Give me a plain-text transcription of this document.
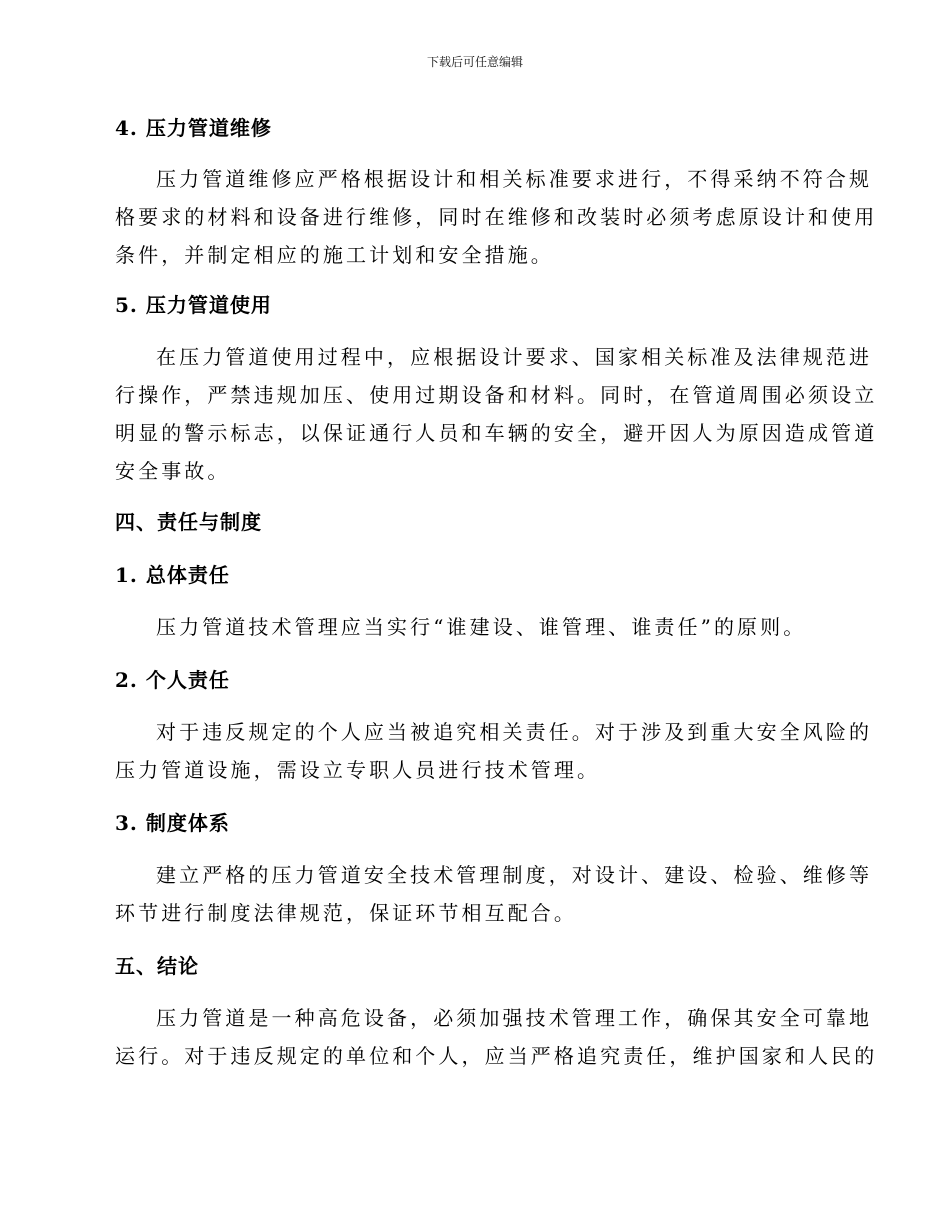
下载后可任意编辑
4. 压力管道维修
压力管道维修应严格根据设计和相关标准要求进行，不得采纳不符合规
格要求的材料和设备进行维修，同时在维修和改装时必须考虑原设计和使用
条件，并制定相应的施工计划和安全措施。
5. 压力管道使用
在压力管道使用过程中，应根据设计要求、国家相关标准及法律规范进
行操作，严禁违规加压、使用过期设备和材料。同时，在管道周围必须设立
明显的警示标志，以保证通行人员和车辆的安全，避开因人为原因造成管道
安全事故。
四、责任与制度
1. 总体责任
压力管道技术管理应当实行“谁建设、谁管理、谁责任”的原则。
2. 个人责任
对于违反规定的个人应当被追究相关责任。对于涉及到重大安全风险的
压力管道设施，需设立专职人员进行技术管理。
3. 制度体系
建立严格的压力管道安全技术管理制度，对设计、建设、检验、维修等
环节进行制度法律规范，保证环节相互配合。
五、结论
压力管道是一种高危设备，必须加强技术管理工作，确保其安全可靠地
运行。对于违反规定的单位和个人，应当严格追究责任，维护国家和人民的
